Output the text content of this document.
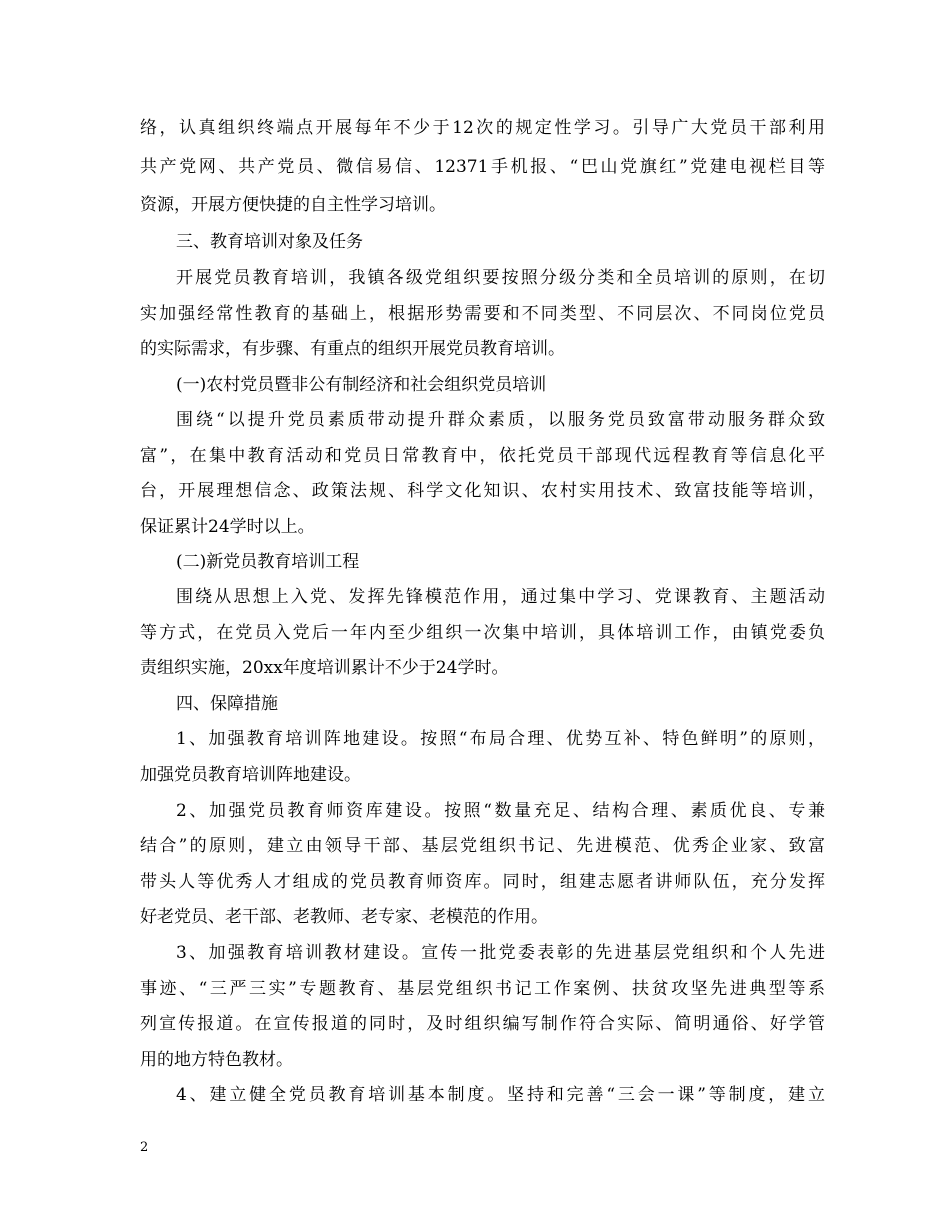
络，认真组织终端点开展每年不少于12次的规定性学习。引导广大党员干部利用
共产党网、共产党员、微信易信、12371手机报、“巴山党旗红”党建电视栏目等
资源，开展方便快捷的自主性学习培训。
三、教育培训对象及任务
开展党员教育培训，我镇各级党组织要按照分级分类和全员培训的原则，在切
实加强经常性教育的基础上，根据形势需要和不同类型、不同层次、不同岗位党员
的实际需求，有步骤、有重点的组织开展党员教育培训。
(一)农村党员暨非公有制经济和社会组织党员培训
围绕“以提升党员素质带动提升群众素质，以服务党员致富带动服务群众致
富”，在集中教育活动和党员日常教育中，依托党员干部现代远程教育等信息化平
台，开展理想信念、政策法规、科学文化知识、农村实用技术、致富技能等培训，
保证累计24学时以上。
(二)新党员教育培训工程
围绕从思想上入党、发挥先锋模范作用，通过集中学习、党课教育、主题活动
等方式，在党员入党后一年内至少组织一次集中培训，具体培训工作，由镇党委负
责组织实施，20xx年度培训累计不少于24学时。
四、保障措施
1、加强教育培训阵地建设。按照“布局合理、优势互补、特色鲜明”的原则，
加强党员教育培训阵地建设。
2、加强党员教育师资库建设。按照“数量充足、结构合理、素质优良、专兼
结合”的原则，建立由领导干部、基层党组织书记、先进模范、优秀企业家、致富
带头人等优秀人才组成的党员教育师资库。同时，组建志愿者讲师队伍，充分发挥
好老党员、老干部、老教师、老专家、老模范的作用。
3、加强教育培训教材建设。宣传一批党委表彰的先进基层党组织和个人先进
事迹、“三严三实”专题教育、基层党组织书记工作案例、扶贫攻坚先进典型等系
列宣传报道。在宣传报道的同时，及时组织编写制作符合实际、简明通俗、好学管
用的地方特色教材。
4、建立健全党员教育培训基本制度。坚持和完善“三会一课”等制度，建立
2
